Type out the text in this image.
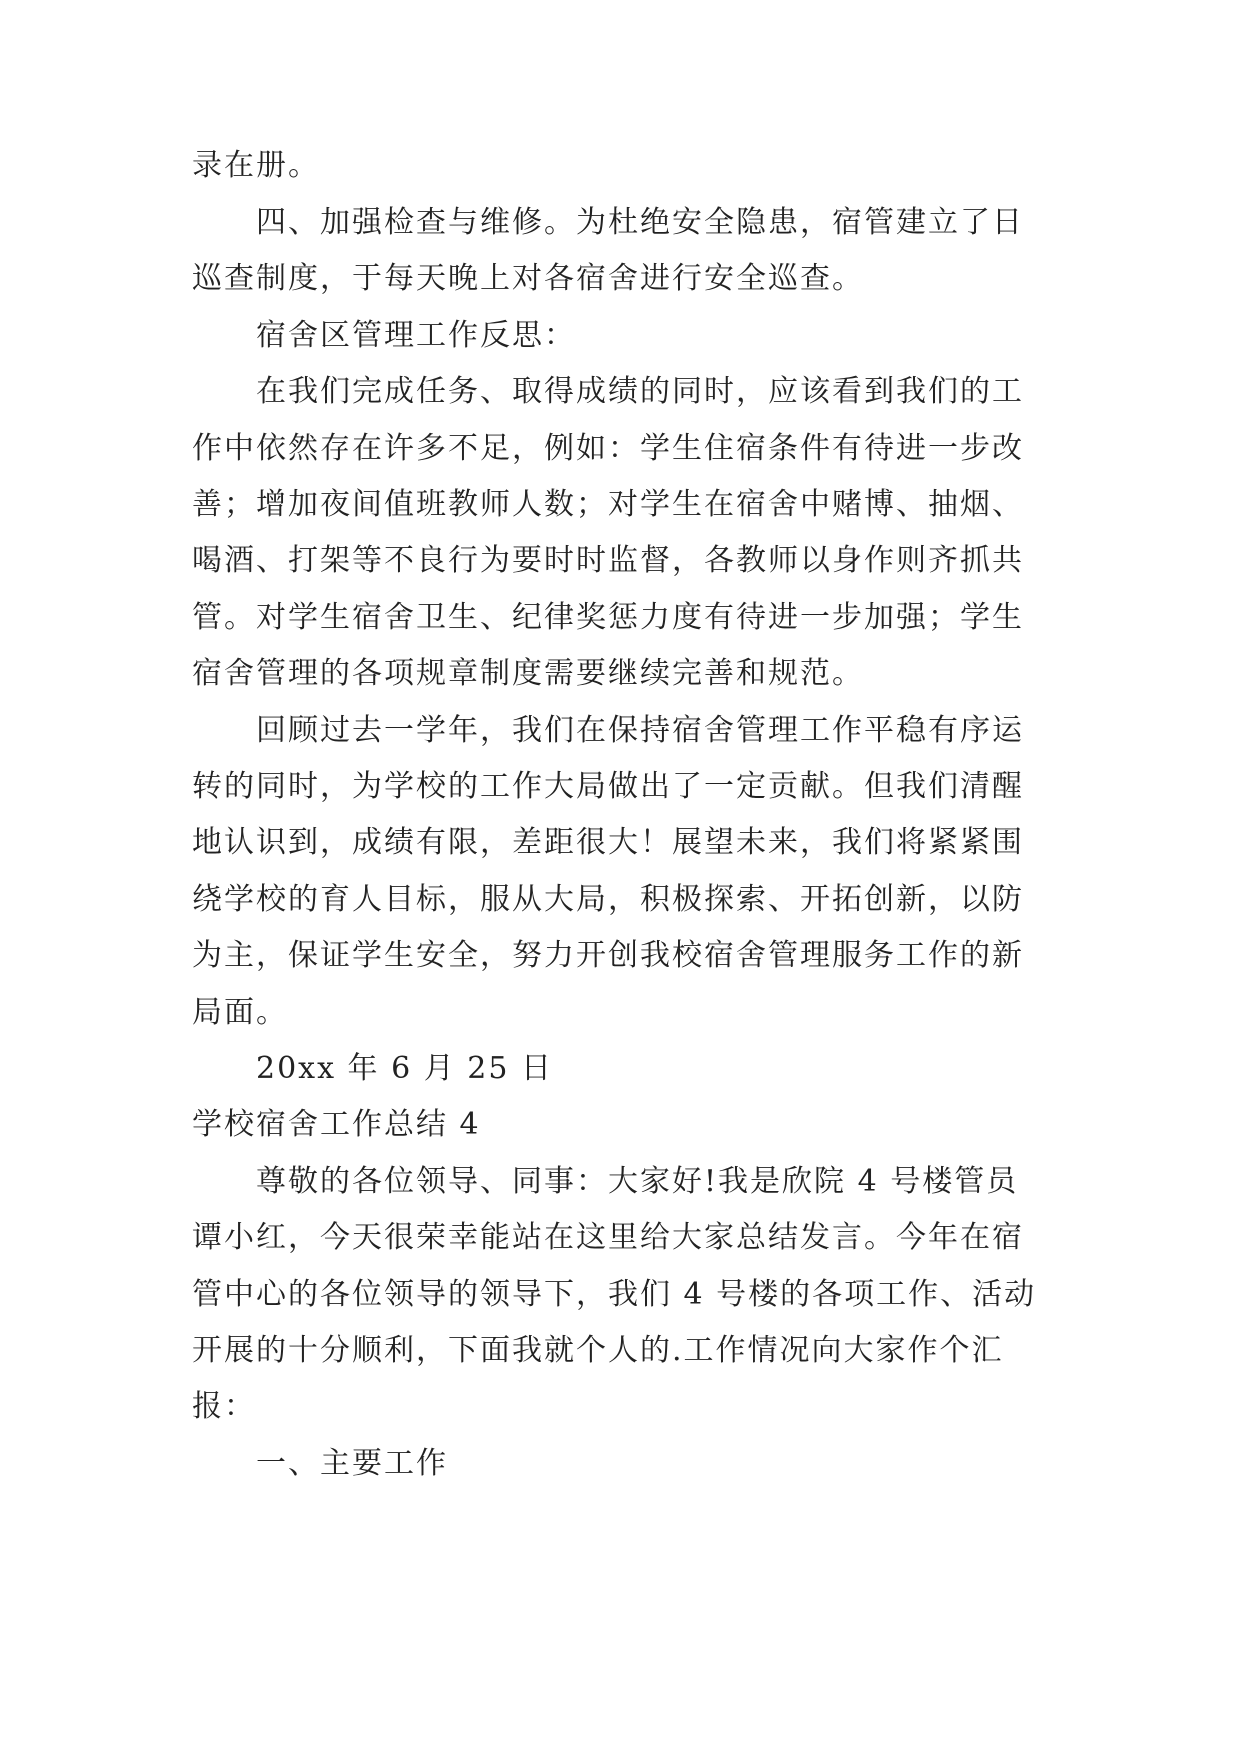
录在册。
四、加强检查与维修。为杜绝安全隐患，宿管建立了日
巡查制度，于每天晚上对各宿舍进行安全巡查。
宿舍区管理工作反思：
在我们完成任务、取得成绩的同时，应该看到我们的工
作中依然存在许多不足，例如：学生住宿条件有待进一步改
善；增加夜间值班教师人数；对学生在宿舍中赌博、抽烟、
喝酒、打架等不良行为要时时监督，各教师以身作则齐抓共
管。对学生宿舍卫生、纪律奖惩力度有待进一步加强；学生
宿舍管理的各项规章制度需要继续完善和规范。
回顾过去一学年，我们在保持宿舍管理工作平稳有序运
转的同时，为学校的工作大局做出了一定贡献。但我们清醒
地认识到，成绩有限，差距很大！展望未来，我们将紧紧围
绕学校的育人目标，服从大局，积极探索、开拓创新，以防
为主，保证学生安全，努力开创我校宿舍管理服务工作的新
局面。
20xx 年 6 月 25 日
学校宿舍工作总结 4
尊敬的各位领导、同事：大家好!我是欣院 4 号楼管员
谭小红，今天很荣幸能站在这里给大家总结发言。今年在宿
管中心的各位领导的领导下，我们 4 号楼的各项工作、活动
开展的十分顺利，下面我就个人的.工作情况向大家作个汇
报：
一、主要工作
